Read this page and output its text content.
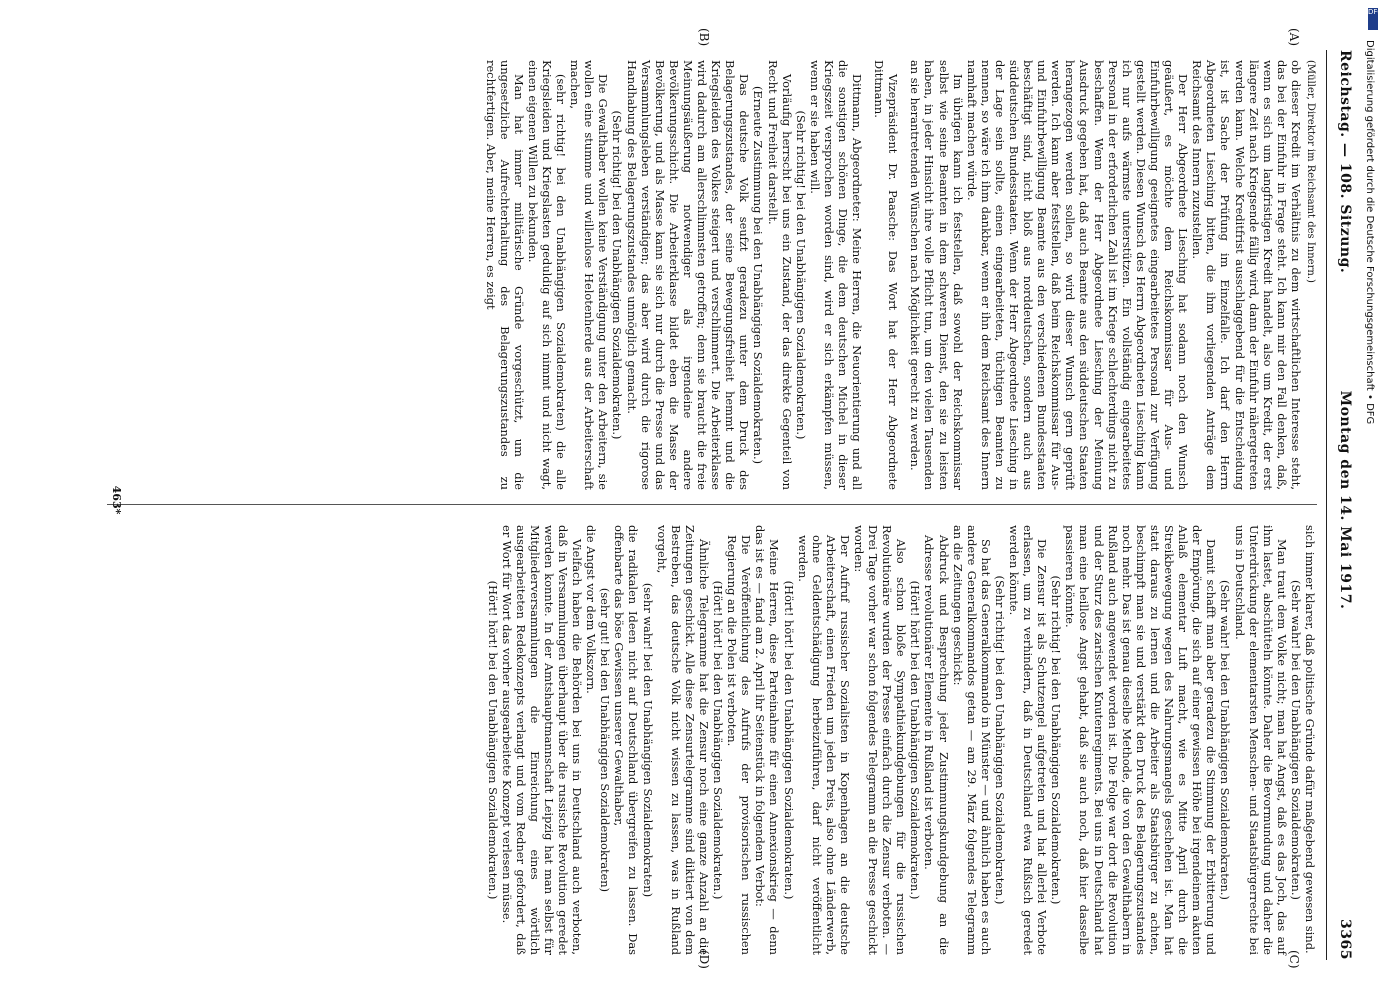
Reichstag. — 108. Sitzung.
Montag den 14. Mai 1917.
3365
(A)
(B)
(C)
(D)

(Müller, Direktor im Reichsamt des Innern.)

ob dieser Kredit im Verhältnis zu dem wirtschaftlichen Interesse steht, das bei der Einfuhr in Frage steht. Ich kann mir den Fall denken, daß, wenn es sich um langfristigen Kredit handelt, also um Kredit, der erst längere Zeit nach Kriegsende fällig wird, dann der Einfuhr nähergetreten werden kann. Welche Kreditfrist ausschlaggebend für die Entscheidung ist, ist Sache der Prüfung im Einzelfalle. Ich darf den Herrn Abgeordneten Liesching bitten, die ihm vorliegenden Anträge dem Reichsamt des Innern zuzustellen.

Der Herr Abgeordnete Liesching hat sodann noch den Wunsch geäußert, es möchte dem Reichskommissar für Aus- und Einfuhrbewilligung geeignetes eingearbeitetes Personal zur Verfügung gestellt werden. Diesen Wunsch des Herrn Abgeordneten Liesching kann ich nur aufs wärmste unterstützen. Ein vollständig eingearbeitetes Personal in der erforderlichen Zahl ist im Kriege schlechterdings nicht zu beschaffen. Wenn der Herr Abgeordnete Liesching der Meinung Ausdruck gegeben hat, daß auch Beamte aus den süddeutschen Staaten herangezogen werden sollen, so wird dieser Wunsch gern geprüft werden. Ich kann aber feststellen, daß beim Reichskommissar für Aus- und Einfuhrbewilligung Beamte aus den verschiedenen Bundesstaaten beschäftigt sind, nicht bloß aus norddeutschen, sondern auch aus süddeutschen Bundesstaaten. Wenn der Herr Abgeordnete Liesching in der Lage sein sollte, einen eingearbeiteten, tüchtigen Beamten zu nennen, so wäre ich ihm dankbar, wenn er ihn dem Reichsamt des Innern namhaft machen würde.

Im übrigen kann ich feststellen, daß sowohl der Reichskommissar selbst wie seine Beamten in dem schweren Dienst, den sie zu leisten haben, in jeder Hinsicht ihre volle Pflicht tun, um den vielen Tausenden an sie herantretenden Wünschen nach Möglichkeit gerecht zu werden.

Vizepräsident Dr. Paasche: Das Wort hat der Herr Abgeordnete Dittmann.

Dittmann, Abgeordneter: Meine Herren, die Neuorientierung und all die sonstigen schönen Dinge, die dem deutschen Michel in dieser Kriegszeit versprochen worden sind, wird er sich erkämpfen müssen, wenn er sie haben will.

(Sehr richtig! bei den Unabhängigen Sozialdemokraten.)

Vorläufig herrscht bei uns ein Zustand, der das direkte Gegenteil von Recht und Freiheit darstellt.

(Erneute Zustimmung bei den Unabhängigen Sozialdemokraten.)

Das deutsche Volk seufzt geradezu unter dem Druck des Belagerungszustandes, der seine Bewegungsfreiheit hemmt und die Kriegsleiden des Volkes steigert und verschlimmert. Die Arbeiterklasse wird dadurch am allerschlimmsten getroffen; denn sie braucht die freie Meinungsäußerung notwendiger als irgendeine andere Bevölkerungsschicht. Die Arbeiterklasse bildet eben die Masse der Bevölkerung, und als Masse kann sie sich nur durch die Presse und das Versammlungsleben verständigen; das aber wird durch die rigorose Handhabung des Belagerungszustandes unmöglich gemacht.

(Sehr richtig! bei den Unabhängigen Sozialdemokraten.)

Die Gewalthaber wollen keine Verständigung unter den Arbeitern, sie wollen eine stumme und willenlose Helotenherde aus der Arbeiterschaft machen,

(sehr richtig! bei den Unabhängigen Sozialdemokraten) die alle Kriegsleiden und Kriegslasten geduldig auf sich nimmt und nicht wagt, einen eigenen Willen zu bekunden.

Man hat immer militärische Gründe vorgeschützt, um die ungesetzliche Aufrechterhaltung des Belagerungszustandes zu rechtfertigen. Aber, meine Herren, es zeigt

sich immer klarer, daß politische Gründe dafür maßgebend gewesen sind.

(Sehr wahr! bei den Unabhängigen Sozialdemokraten.)

Man traut dem Volke nicht; man hat Angst, daß es das Joch, das auf ihm lastet, abschütteln könnte. Daher die Bevormundung und daher die Unterdrückung der elementarsten Menschen- und Staatsbürgerrechte bei uns in Deutschland.

(Sehr wahr! bei den Unabhängigen Sozialdemokraten.)

Damit schafft man aber geradezu die Stimmung der Erbitterung und der Empörung, die sich auf einer gewissen Höhe bei irgendeinem akuten Anlaß elementar Luft macht, wie es Mitte April durch die Streikbewegung wegen des Nahrungsmangels geschehen ist. Man hat statt daraus zu lernen und die Arbeiter als Staatsbürger zu achten, beschimpft man sie und verstärkt den Druck des Belagerungszustandes noch mehr. Das ist genau dieselbe Methode, die von den Gewalthabern in Rußland auch angewendet worden ist. Die Folge war dort die Revolution und der Sturz des zarischen Knutenregiments. Bei uns in Deutschland hat man eine heillose Angst gehabt, daß sie auch noch, daß hier dasselbe passieren könnte.

(Sehr richtig! bei den Unabhängigen Sozialdemokraten.)

Die Zensur ist als Schutzengel aufgetreten und hat allerlei Verbote erlassen, um zu verhindern, daß in Deutschland etwa Rußisch geredet werden könnte.

(Sehr richtig! bei den Unabhängigen Sozialdemokraten.)

So hat das Generalkommando in Münster — und ähnlich haben es auch andere Generalkommandos getan — am 29. März folgendes Telegramm an die Zeitungen geschickt:

Abdruck und Besprechung jeder Zustimmungskundgebung an die Adresse revolutionärer Elemente in Rußland ist verboten.

(Hört! hört! bei den Unabhängigen Sozialdemokraten.)

Also schon bloße Sympathiekundgebungen für die russischen Revolutionäre wurden der Presse einfach durch die Zensur verboten. — Drei Tage vorher war schon folgendes Telegramm an die Presse geschickt worden:

Der Aufruf russischer Sozialisten in Kopenhagen an die deutsche Arbeiterschaft, einen Frieden um jeden Preis, also ohne Länderwerb, ohne Geldentschädigung herbeizuführen, darf nicht veröffentlicht werden.

(Hört! hört! bei den Unabhängigen Sozialdemokraten.)

Meine Herren, diese Parteinahme für einen Annexionskrieg — denn das ist es — fand am 2. April ihr Seitenstück in folgendem Verbot:

Die Veröffentlichung des Aufrufs der provisorischen russischen Regierung an die Polen ist verboten.

(Hört! hört! bei den Unabhängigen Sozialdemokraten.)

Ähnliche Telegramme hat die Zensur noch eine ganze Anzahl an die Zeitungen geschickt. Alle diese Zensurtelegramme sind diktiert von dem Bestreben, das deutsche Volk nicht wissen zu lassen, was in Rußland vorgeht,

(sehr wahr! bei den Unabhängigen Sozialdemokraten)

die radikalen Ideen nicht auf Deutschland übergreifen zu lassen. Das offenbarte das böse Gewissen unserer Gewalthaber,

(sehr gut! bei den Unabhängigen Sozialdemokraten)

die Angst vor dem Volkszorn.

Vielfach haben die Behörden bei uns in Deutschland auch verboten, daß in Versammlungen überhaupt über die russische Revolution geredet werden konnte. In der Amtshauptmannschaft Leipzig hat man selbst für Mitgliederversammlungen die Einreichung eines wörtlich ausgearbeiteten Redekonzepts verlangt und vom Redner gefordert, daß er Wort für Wort das vorher ausgearbeitete Konzept verlesen müsse.

(Hört! hört! bei den Unabhängigen Sozialdemokraten.)

463*
DFG
Digitalisierung gefördert durch die Deutsche Forschungsgemeinschaft • DFG
